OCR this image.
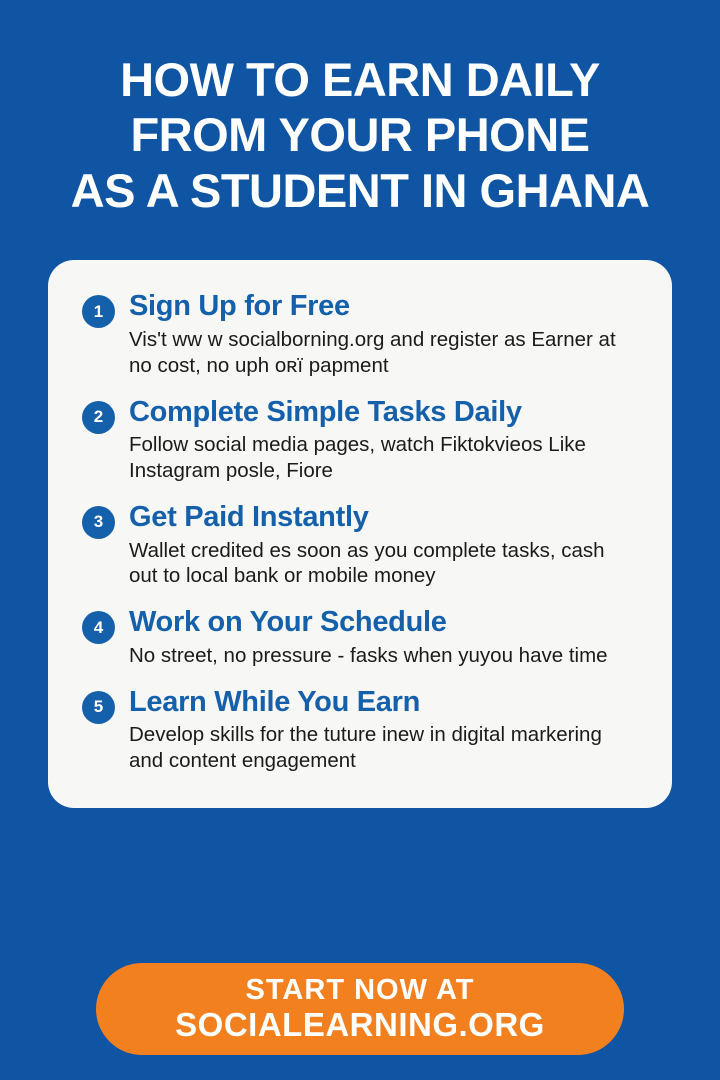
HOW TO EARN DAILY
FROM YOUR PHONE
AS A STUDENT IN GHANA
1 Sign Up for Free

Vis't ww w socialborning.org and register as Earner at no cost, no uph оʀї papment

2 Complete Simple Tasks Daily

Follow social media pages, watch Fiktokvieos Like Instagram posle, Fiore

3 Get Paid Instantly

Wallet credited es soon as you complete tasks, cash out to local bank or mobile money

4 Work on Your Schedule

No street, no pressure - fasks when yuyou have time

5 Learn While You Earn

Develop skills for the tuture inew in digital markering and content engagement

START NOW AT
SOCIALEARNING.ORG
